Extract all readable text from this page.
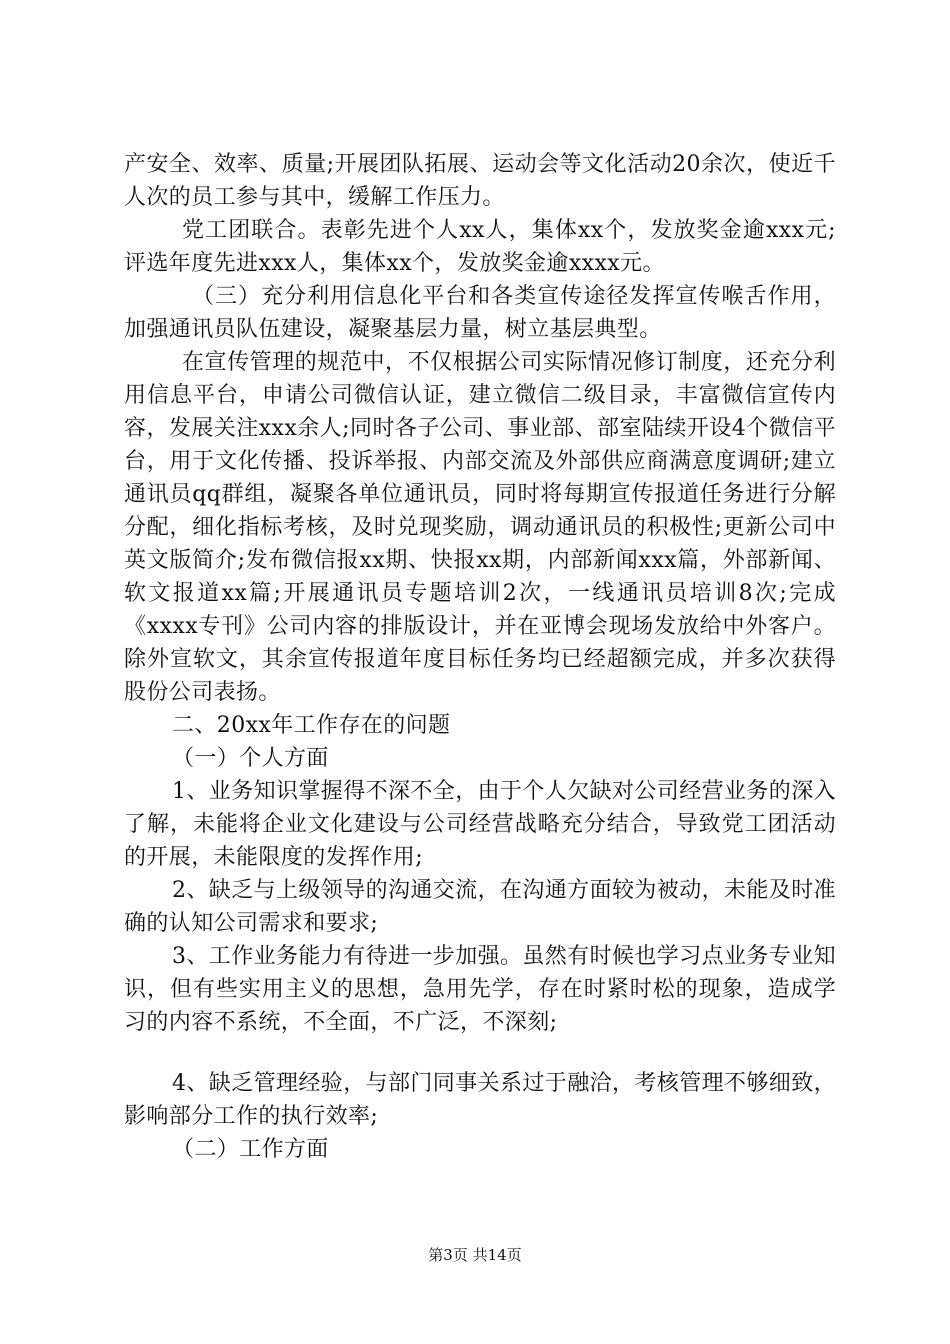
产安全、效率、质量;开展团队拓展、运动会等文化活动20余次，使近千人次的员工参与其中，缓解工作压力。

党工团联合。表彰先进个人xx人，集体xx个，发放奖金逾xxx元;评选年度先进xxx人，集体xx个，发放奖金逾xxxx元。

（三）充分利用信息化平台和各类宣传途径发挥宣传喉舌作用，加强通讯员队伍建设，凝聚基层力量，树立基层典型。

在宣传管理的规范中，不仅根据公司实际情况修订制度，还充分利用信息平台，申请公司微信认证，建立微信二级目录，丰富微信宣传内容，发展关注xxx余人;同时各子公司、事业部、部室陆续开设4个微信平台，用于文化传播、投诉举报、内部交流及外部供应商满意度调研;建立通讯员qq群组，凝聚各单位通讯员，同时将每期宣传报道任务进行分解分配，细化指标考核，及时兑现奖励，调动通讯员的积极性;更新公司中英文版简介;发布微信报xx期、快报xx期，内部新闻xxx篇，外部新闻、软文报道xx篇;开展通讯员专题培训2次，一线通讯员培训8次;完成《xxxx专刊》公司内容的排版设计，并在亚博会现场发放给中外客户。除外宣软文，其余宣传报道年度目标任务均已经超额完成，并多次获得股份公司表扬。

二、20xx年工作存在的问题

（一）个人方面

1、业务知识掌握得不深不全，由于个人欠缺对公司经营业务的深入了解，未能将企业文化建设与公司经营战略充分结合，导致党工团活动的开展，未能限度的发挥作用;

2、缺乏与上级领导的沟通交流，在沟通方面较为被动，未能及时准确的认知公司需求和要求;

3、工作业务能力有待进一步加强。虽然有时候也学习点业务专业知识，但有些实用主义的思想，急用先学，存在时紧时松的现象，造成学习的内容不系统，不全面，不广泛，不深刻;

4、缺乏管理经验，与部门同事关系过于融洽，考核管理不够细致，影响部分工作的执行效率;

（二）工作方面

第3页 共14页
